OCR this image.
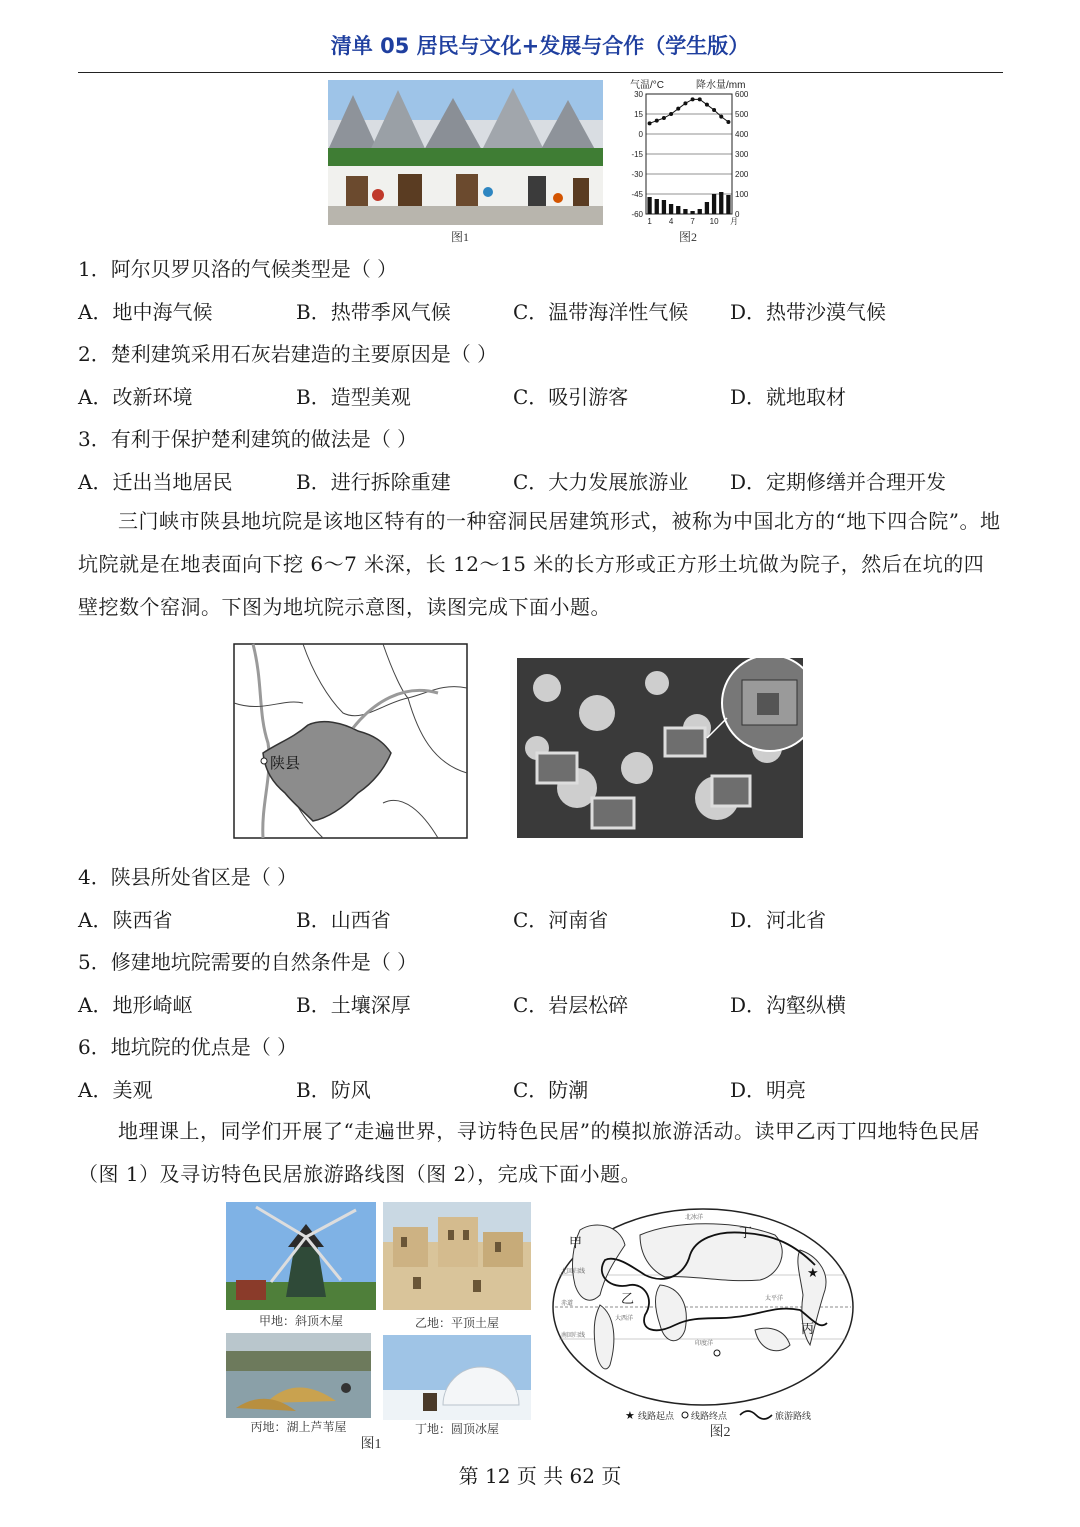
清单 05 居民与文化+发展与合作（学生版）
图1
气温/°C	降水量/mm
30	600
15	500
0	400
-15	300
-30	200
-45	100
-60	0
1 4 7 10 月
图2
1．阿尔贝罗贝洛的气候类型是（ ）
A．地中海气候	B．热带季风气候	C．温带海洋性气候 D．热带沙漠气候
2．楚利建筑采用石灰岩建造的主要原因是（ ）
A．改新环境	B．造型美观	C．吸引游客	D．就地取材
3．有利于保护楚利建筑的做法是（ ）
A．迁出当地居民	B．进行拆除重建	C．大力发展旅游业 D．定期修缮并合理开发
三门峡市陕县地坑院是该地区特有的一种窑洞民居建筑形式，被称为中国北方的“地下四合院”。地坑院就是在地表面向下挖 6～7 米深，长 12～15 米的长方形或正方形土坑做为院子，然后在坑的四壁挖数个窑洞。下图为地坑院示意图，读图完成下面小题。
陕县
4．陕县所处省区是（ ）
A．陕西省	B．山西省	C．河南省	D．河北省
5．修建地坑院需要的自然条件是（ ）
A．地形崎岖	B．土壤深厚	C．岩层松碎	D．沟壑纵横
6．地坑院的优点是（ ）
A．美观	B．防风	C．防潮	D．明亮
地理课上，同学们开展了“走遍世界，寻访特色民居”的模拟旅游活动。读甲乙丙丁四地特色民居（图 1）及寻访特色民居旅游路线图（图 2），完成下面小题。
甲地：斜顶木屋	乙地：平顶土屋
丙地：湖上芦苇屋	丁地：圆顶冰屋
图1
甲
乙
丙
丁
北冰洋
太平洋
大西洋
赤道
南回归线
北回归线
印度洋
★
★ 线路起点 线路终点	旅游路线
图2
第 12 页 共 62 页
